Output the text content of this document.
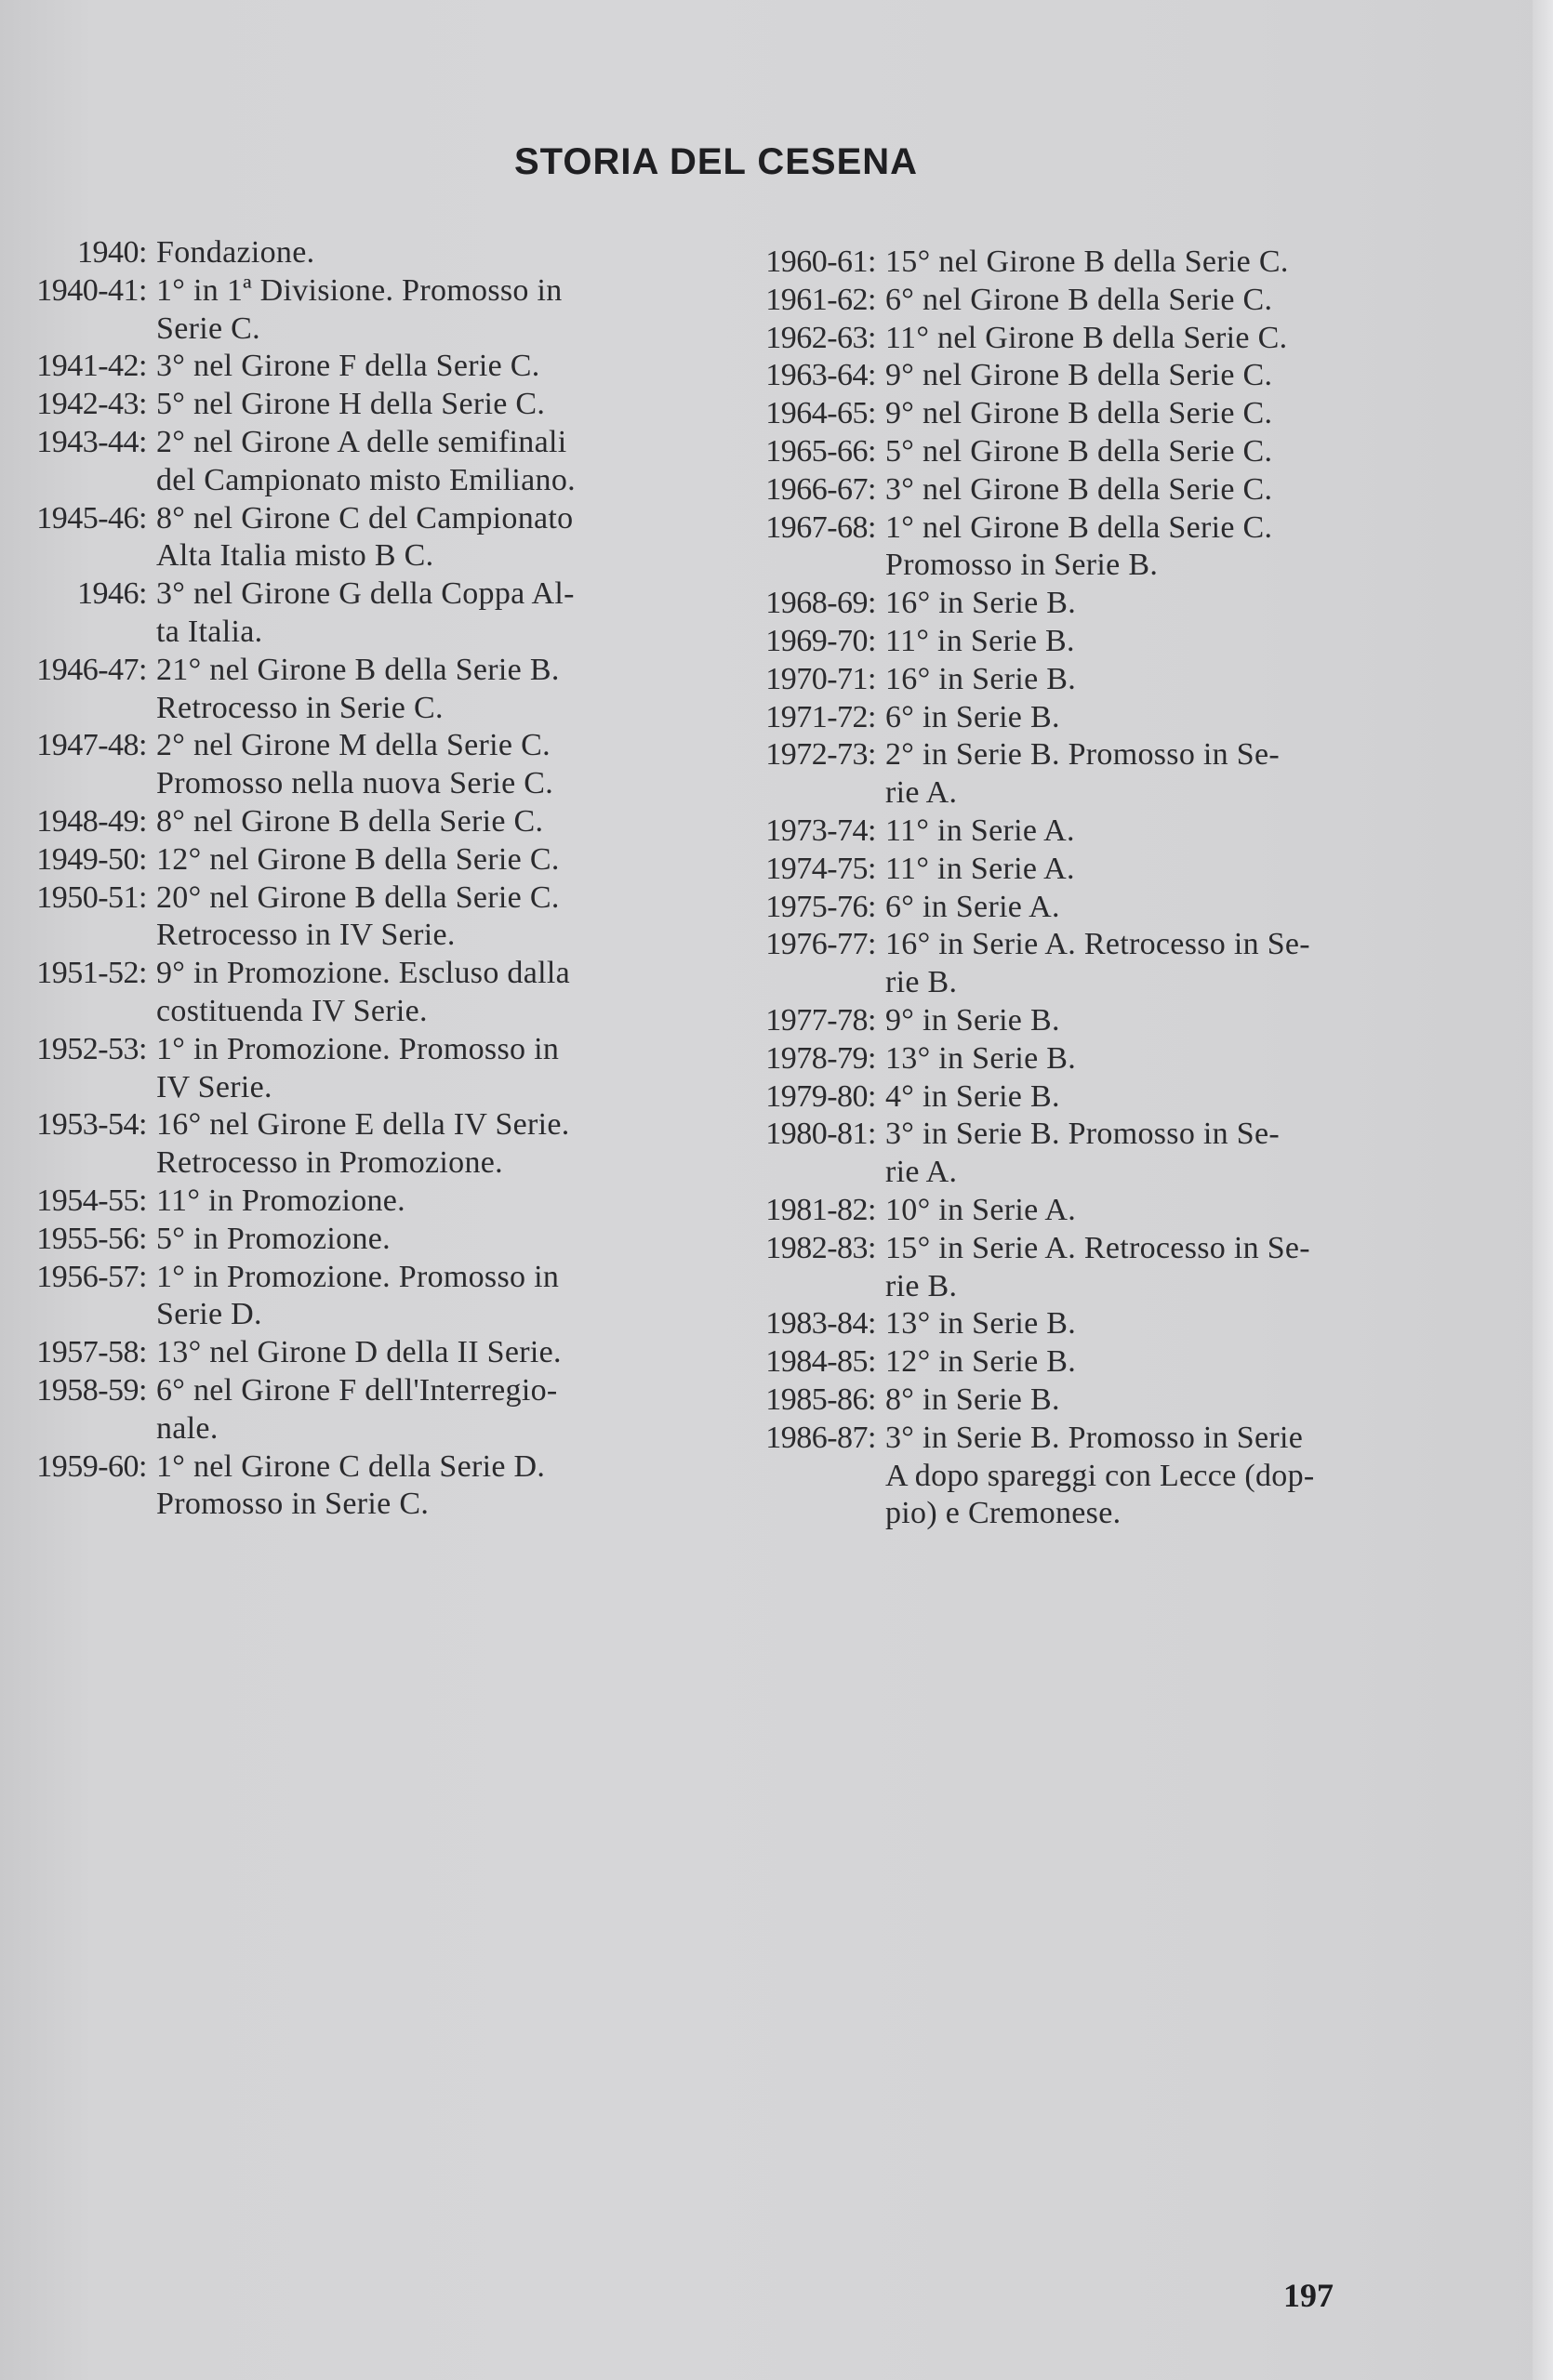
STORIA DEL CESENA
1940: Fondazione.
1940-41: 1° in 1ª Divisione. Promosso in
Serie C.
1941-42: 3° nel Girone F della Serie C.
1942-43: 5° nel Girone H della Serie C.
1943-44: 2° nel Girone A delle semifinali
del Campionato misto Emiliano.
1945-46: 8° nel Girone C del Campionato
Alta Italia misto B C.
1946: 3° nel Girone G della Coppa Al-
ta Italia.
1946-47: 21° nel Girone B della Serie B.
Retrocesso in Serie C.
1947-48: 2° nel Girone M della Serie C.
Promosso nella nuova Serie C.
1948-49: 8° nel Girone B della Serie C.
1949-50: 12° nel Girone B della Serie C.
1950-51: 20° nel Girone B della Serie C.
Retrocesso in IV Serie.
1951-52: 9° in Promozione. Escluso dalla
costituenda IV Serie.
1952-53: 1° in Promozione. Promosso in
IV Serie.
1953-54: 16° nel Girone E della IV Serie.
Retrocesso in Promozione.
1954-55: 11° in Promozione.
1955-56: 5° in Promozione.
1956-57: 1° in Promozione. Promosso in
Serie D.
1957-58: 13° nel Girone D della II Serie.
1958-59: 6° nel Girone F dell'Interregio-
nale.
1959-60: 1° nel Girone C della Serie D.
Promosso in Serie C.
1960-61: 15° nel Girone B della Serie C.
1961-62: 6° nel Girone B della Serie C.
1962-63: 11° nel Girone B della Serie C.
1963-64: 9° nel Girone B della Serie C.
1964-65: 9° nel Girone B della Serie C.
1965-66: 5° nel Girone B della Serie C.
1966-67: 3° nel Girone B della Serie C.
1967-68: 1° nel Girone B della Serie C.
Promosso in Serie B.
1968-69: 16° in Serie B.
1969-70: 11° in Serie B.
1970-71: 16° in Serie B.
1971-72: 6° in Serie B.
1972-73: 2° in Serie B. Promosso in Se-
rie A.
1973-74: 11° in Serie A.
1974-75: 11° in Serie A.
1975-76: 6° in Serie A.
1976-77: 16° in Serie A. Retrocesso in Se-
rie B.
1977-78: 9° in Serie B.
1978-79: 13° in Serie B.
1979-80: 4° in Serie B.
1980-81: 3° in Serie B. Promosso in Se-
rie A.
1981-82: 10° in Serie A.
1982-83: 15° in Serie A. Retrocesso in Se-
rie B.
1983-84: 13° in Serie B.
1984-85: 12° in Serie B.
1985-86: 8° in Serie B.
1986-87: 3° in Serie B. Promosso in Serie
A dopo spareggi con Lecce (dop-
pio) e Cremonese.
197
